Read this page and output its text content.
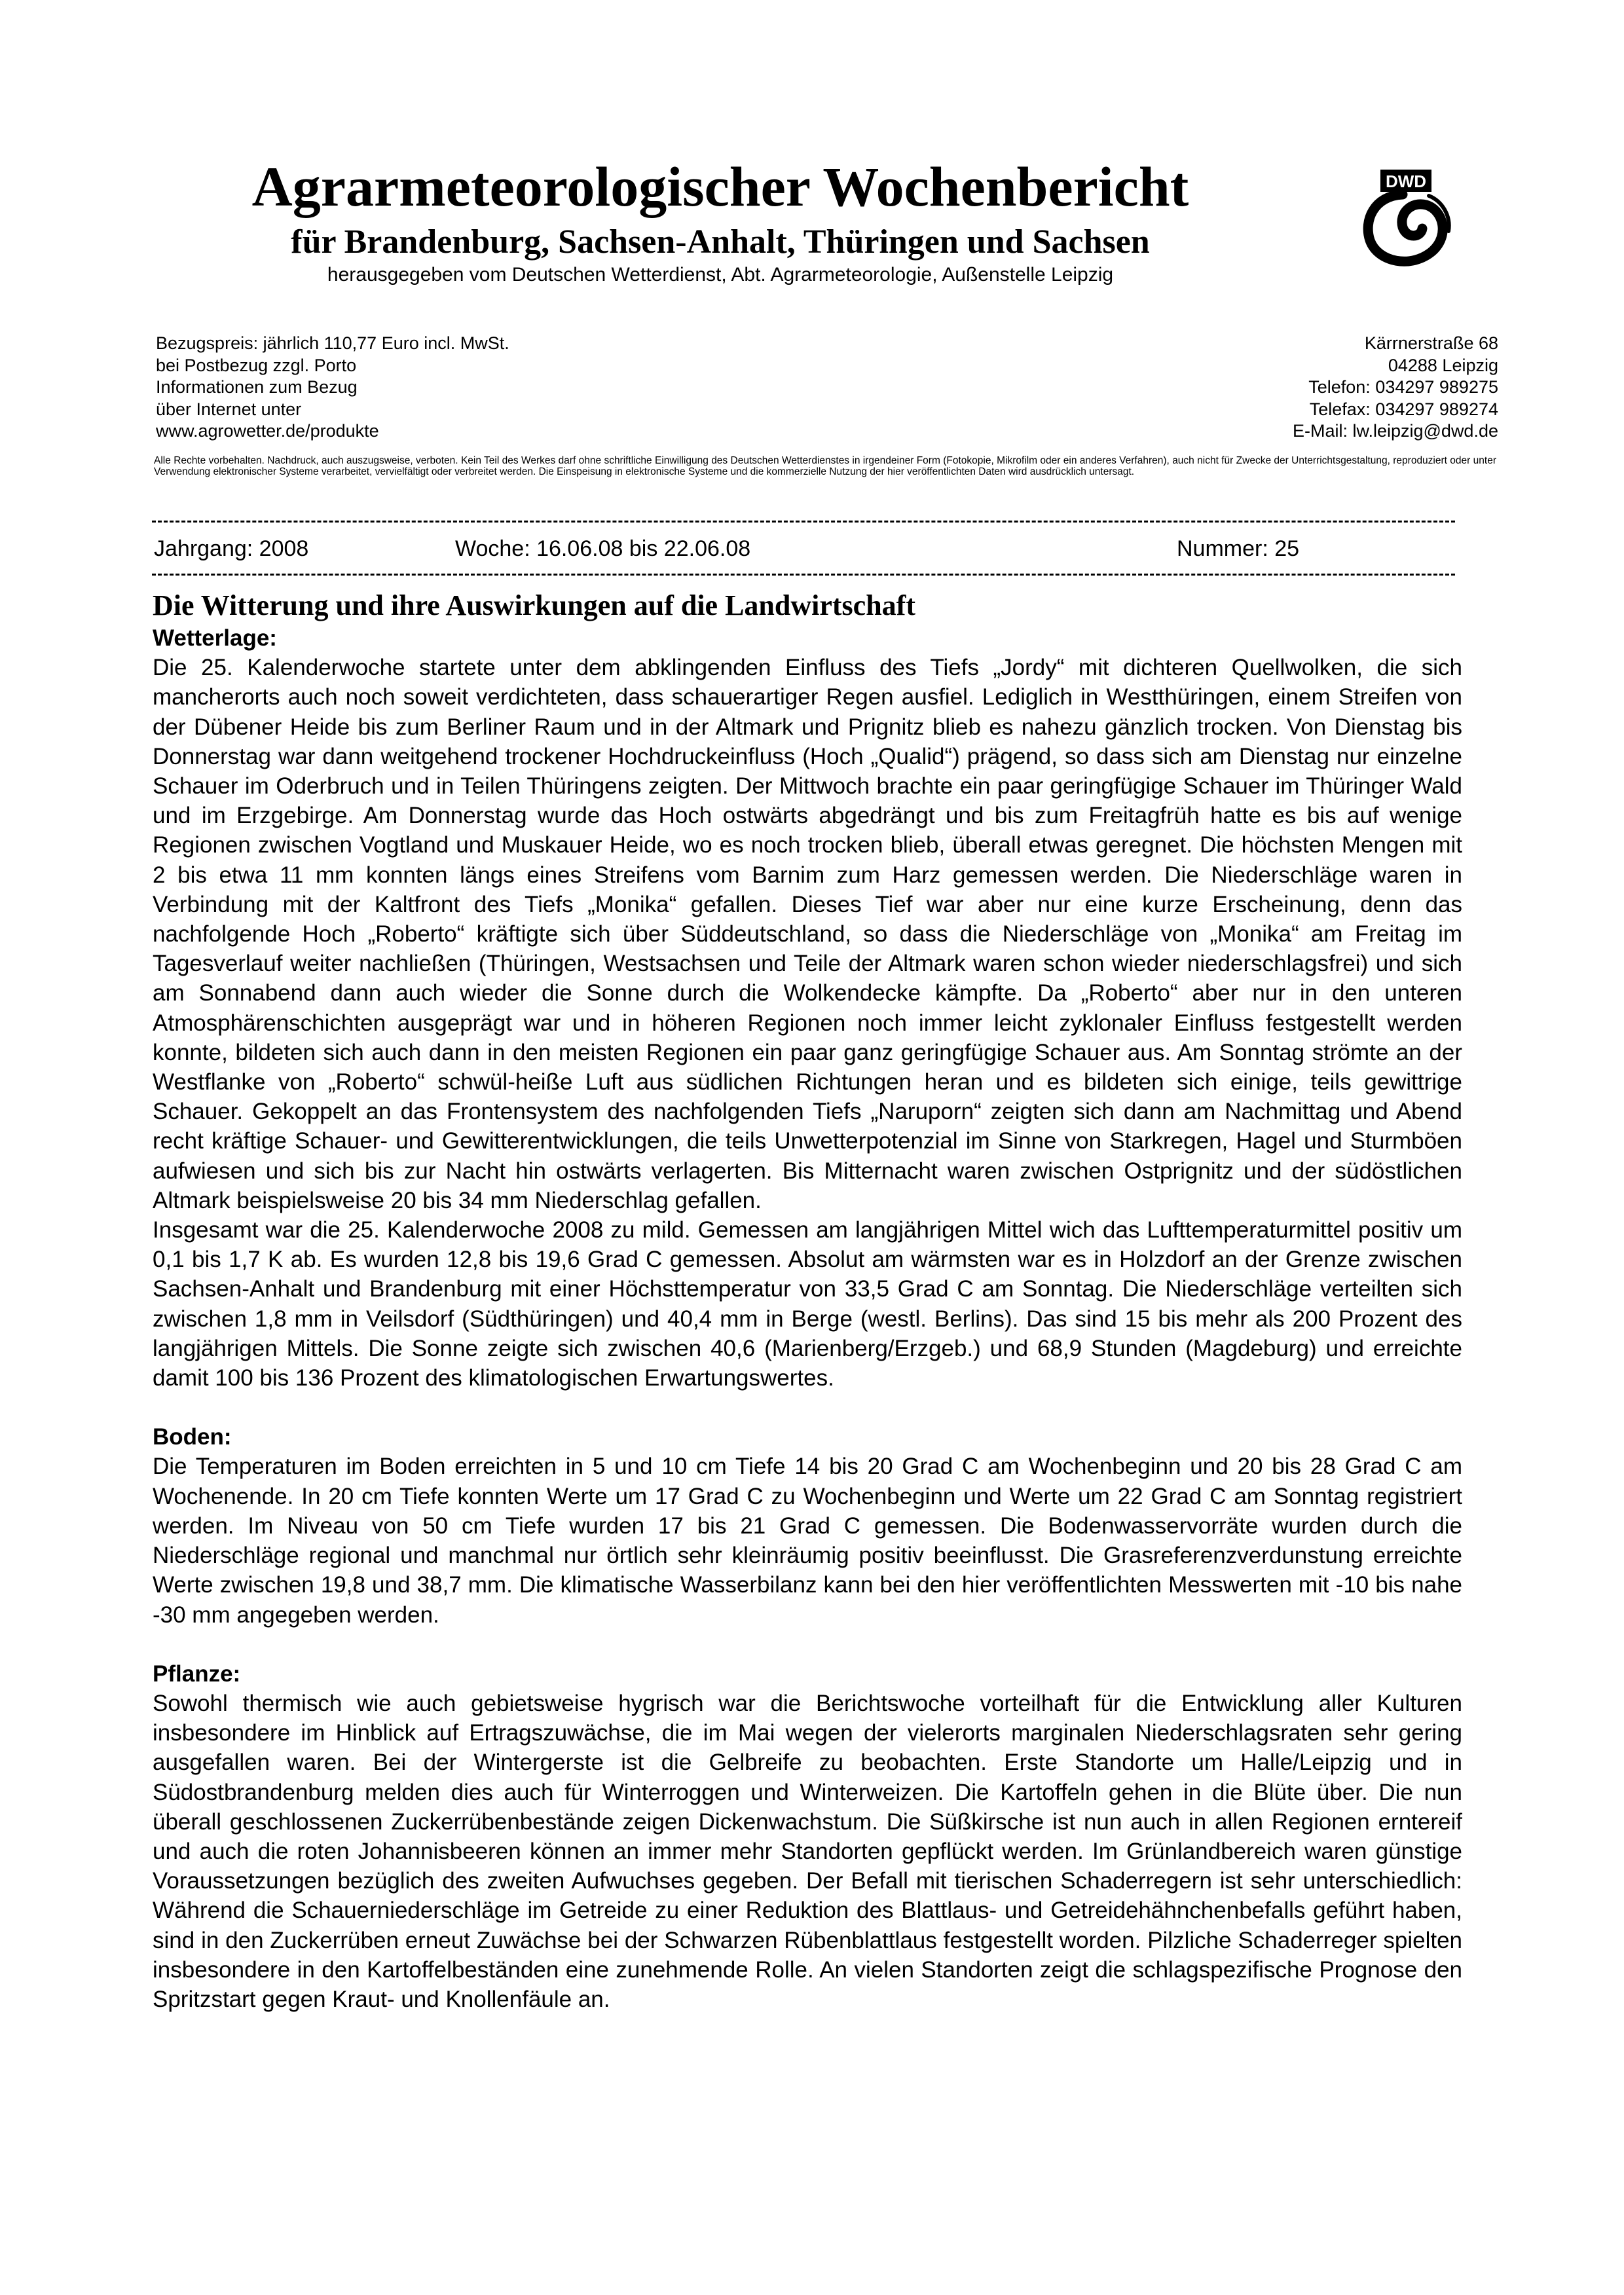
Agrarmeteorologischer Wochenbericht
für Brandenburg, Sachsen-Anhalt, Thüringen und Sachsen
herausgegeben vom Deutschen Wetterdienst, Abt. Agrarmeteorologie, Außenstelle Leipzig
DWD
Bezugspreis: jährlich 110,77 Euro incl. MwSt.
bei Postbezug zzgl. Porto
Informationen zum Bezug
über Internet unter
www.agrowetter.de/produkte
Kärrnerstraße 68
04288 Leipzig
Telefon: 034297 989275
Telefax: 034297 989274
E-Mail: lw.leipzig@dwd.de
Alle Rechte vorbehalten. Nachdruck, auch auszugsweise, verboten. Kein Teil des Werkes darf ohne schriftliche Einwilligung des Deutschen Wetterdienstes in irgendeiner Form (Fotokopie, Mikrofilm oder ein anderes Verfahren), auch nicht für Zwecke der Unterrichtsgestaltung, reproduziert oder unter Verwendung elektronischer Systeme verarbeitet, vervielfältigt oder verbreitet werden. Die Einspeisung in elektronische Systeme und die kommerzielle Nutzung der hier veröffentlichten Daten wird ausdrücklich untersagt.
Jahrgang: 2008	Woche: 16.06.08 bis 22.06.08	Nummer: 25
Die Witterung und ihre Auswirkungen auf die Landwirtschaft
Wetterlage:

Die 25. Kalenderwoche startete unter dem abklingenden Einfluss des Tiefs „Jordy“ mit dichteren Quellwolken, die sich mancherorts auch noch soweit verdichteten, dass schauerartiger Regen ausfiel. Lediglich in Westthüringen, einem Streifen von der Dübener Heide bis zum Berliner Raum und in der Altmark und Prignitz blieb es nahezu gänzlich trocken. Von Dienstag bis Donnerstag war dann weitgehend trockener Hochdruckeinfluss (Hoch „Qualid“) prägend, so dass sich am Dienstag nur einzelne Schauer im Oderbruch und in Teilen Thüringens zeigten. Der Mittwoch brachte ein paar geringfügige Schauer im Thüringer Wald und im Erzgebirge. Am Donnerstag wurde das Hoch ostwärts abgedrängt und bis zum Freitagfrüh hatte es bis auf wenige Regionen zwischen Vogtland und Muskauer Heide, wo es noch trocken blieb, überall etwas geregnet. Die höchsten Mengen mit 2 bis etwa 11 mm konnten längs eines Streifens vom Barnim zum Harz gemessen werden. Die Niederschläge waren in Verbindung mit der Kaltfront des Tiefs „Monika“ gefallen. Dieses Tief war aber nur eine kurze Erscheinung, denn das nachfolgende Hoch „Roberto“ kräftigte sich über Süddeutschland, so dass die Niederschläge von „Monika“ am Freitag im Tagesverlauf weiter nachließen (Thüringen, Westsachsen und Teile der Altmark waren schon wieder niederschlagsfrei) und sich am Sonnabend dann auch wieder die Sonne durch die Wolkendecke kämpfte. Da „Roberto“ aber nur in den unteren Atmosphärenschichten ausgeprägt war und in höheren Regionen noch immer leicht zyklonaler Einfluss festgestellt werden konnte, bildeten sich auch dann in den meisten Regionen ein paar ganz geringfügige Schauer aus. Am Sonntag strömte an der Westflanke von „Roberto“ schwül-heiße Luft aus südlichen Richtungen heran und es bildeten sich einige, teils gewittrige Schauer. Gekoppelt an das Frontensystem des nachfolgenden Tiefs „Naruporn“ zeigten sich dann am Nachmittag und Abend recht kräftige Schauer- und Gewitterentwicklungen, die teils Unwetterpotenzial im Sinne von Starkregen, Hagel und Sturmböen aufwiesen und sich bis zur Nacht hin ostwärts verlagerten. Bis Mitternacht waren zwischen Ostprignitz und der südöstlichen Altmark beispielsweise 20 bis 34 mm Niederschlag gefallen.

Insgesamt war die 25. Kalenderwoche 2008 zu mild. Gemessen am langjährigen Mittel wich das Lufttemperaturmittel positiv um 0,1 bis 1,7 K ab. Es wurden 12,8 bis 19,6 Grad C gemessen. Absolut am wärmsten war es in Holzdorf an der Grenze zwischen Sachsen-Anhalt und Brandenburg mit einer Höchsttemperatur von 33,5 Grad C am Sonntag. Die Niederschläge verteilten sich zwischen 1,8 mm in Veilsdorf (Südthüringen) und 40,4 mm in Berge (westl. Berlins). Das sind 15 bis mehr als 200 Prozent des langjährigen Mittels. Die Sonne zeigte sich zwischen 40,6 (Marienberg/Erzgeb.) und 68,9 Stunden (Magdeburg) und erreichte damit 100 bis 136 Prozent des klimatologischen Erwartungswertes.

Boden:

Die Temperaturen im Boden erreichten in 5 und 10 cm Tiefe 14 bis 20 Grad C am Wochenbeginn und 20 bis 28 Grad C am Wochenende. In 20 cm Tiefe konnten Werte um 17 Grad C zu Wochenbeginn und Werte um 22 Grad C am Sonntag registriert werden. Im Niveau von 50 cm Tiefe wurden 17 bis 21 Grad C gemessen. Die Bodenwasservorräte wurden durch die Niederschläge regional und manchmal nur örtlich sehr kleinräumig positiv beeinflusst. Die Grasreferenzverdunstung erreichte Werte zwischen 19,8 und 38,7 mm. Die klimatische Wasserbilanz kann bei den hier veröffentlichten Messwerten mit -10 bis nahe -30 mm angegeben werden.

Pflanze:

Sowohl thermisch wie auch gebietsweise hygrisch war die Berichtswoche vorteilhaft für die Entwicklung aller Kulturen insbesondere im Hinblick auf Ertragszuwächse, die im Mai wegen der vielerorts marginalen Niederschlagsraten sehr gering ausgefallen waren. Bei der Wintergerste ist die Gelbreife zu beobachten. Erste Standorte um Halle/Leipzig und in Südostbrandenburg melden dies auch für Winterroggen und Winterweizen. Die Kartoffeln gehen in die Blüte über. Die nun überall geschlossenen Zuckerrübenbestände zeigen Dickenwachstum. Die Süßkirsche ist nun auch in allen Regionen erntereif und auch die roten Johannisbeeren können an immer mehr Standorten gepflückt werden. Im Grünlandbereich waren günstige Voraussetzungen bezüglich des zweiten Aufwuchses gegeben. Der Befall mit tierischen Schaderregern ist sehr unterschiedlich: Während die Schauerniederschläge im Getreide zu einer Reduktion des Blattlaus- und Getreidehähnchenbefalls geführt haben, sind in den Zuckerrüben erneut Zuwächse bei der Schwarzen Rübenblattlaus festgestellt worden. Pilzliche Schaderreger spielten insbesondere in den Kartoffelbeständen eine zunehmende Rolle. An vielen Standorten zeigt die schlagspezifische Prognose den Spritzstart gegen Kraut- und Knollenfäule an.
